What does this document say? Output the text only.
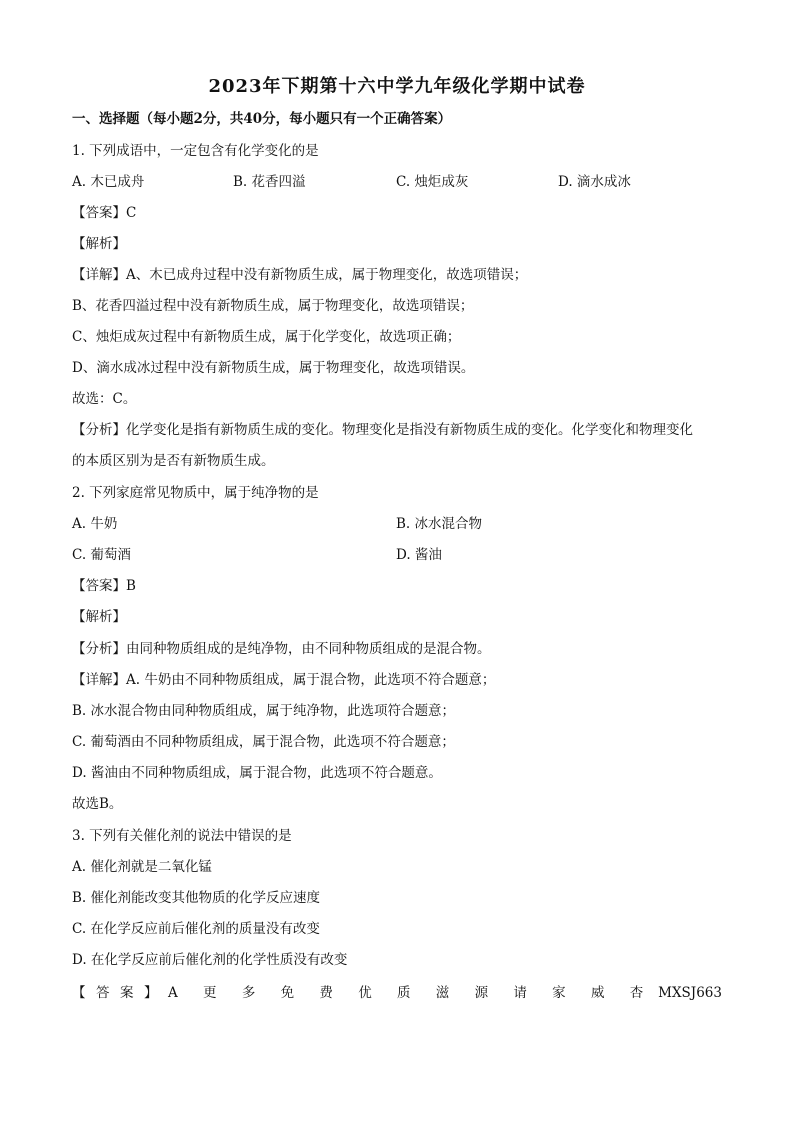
2023年下期第十六中学九年级化学期中试卷
一、选择题（每小题2分，共40分，每小题只有一个正确答案）
1. 下列成语中，一定包含有化学变化的是
A. 木已成舟	B. 花香四溢	C. 烛炬成灰	D. 滴水成冰
【答案】C
【解析】
【详解】A、木已成舟过程中没有新物质生成，属于物理变化，故选项错误；
B、花香四溢过程中没有新物质生成，属于物理变化，故选项错误；
C、烛炬成灰过程中有新物质生成，属于化学变化，故选项正确；
D、滴水成冰过程中没有新物质生成，属于物理变化，故选项错误。
故选：C。
【分析】化学变化是指有新物质生成的变化。物理变化是指没有新物质生成的变化。化学变化和物理变化
的本质区别为是否有新物质生成。
2. 下列家庭常见物质中，属于纯净物的是
A. 牛奶	B. 冰水混合物
C. 葡萄酒	D. 酱油
【答案】B
【解析】
【分析】由同种物质组成的是纯净物，由不同种物质组成的是混合物。
【详解】A. 牛奶由不同种物质组成，属于混合物，此选项不符合题意；
B. 冰水混合物由同种物质组成，属于纯净物，此选项符合题意；
C. 葡萄酒由不同种物质组成，属于混合物，此选项不符合题意；
D. 酱油由不同种物质组成，属于混合物，此选项不符合题意。
故选B。
3. 下列有关催化剂的说法中错误的是
A. 催化剂就是二氧化锰
B. 催化剂能改变其他物质的化学反应速度
C. 在化学反应前后催化剂的质量没有改变
D. 在化学反应前后催化剂的化学性质没有改变
【答案】A 更 多 免 费 优 质 滋 源 请 家 威 杏 MXSJ663
